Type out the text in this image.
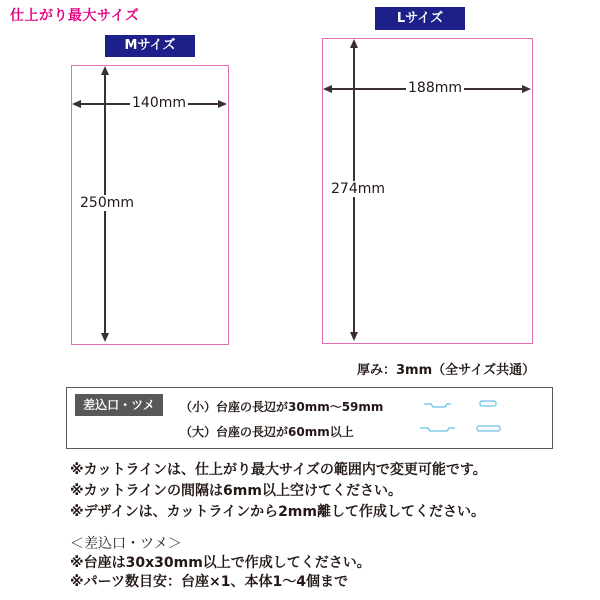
仕上がり最大サイズ
Mサイズ
140mm
250mm
Lサイズ
188mm
274mm
厚み：3mm（全サイズ共通）
差込口・ツメ	（小）台座の長辺が30mm〜59mm
（大）台座の長辺が60mm以上
※カットラインは、仕上がり最大サイズの範囲内で変更可能です。
※カットラインの間隔は6mm以上空けてください。
※デザインは、カットラインから2mm離して作成してください。
＜差込口・ツメ＞
※台座は30x30mm以上で作成してください。
※パーツ数目安：台座×1、本体1〜4個まで
